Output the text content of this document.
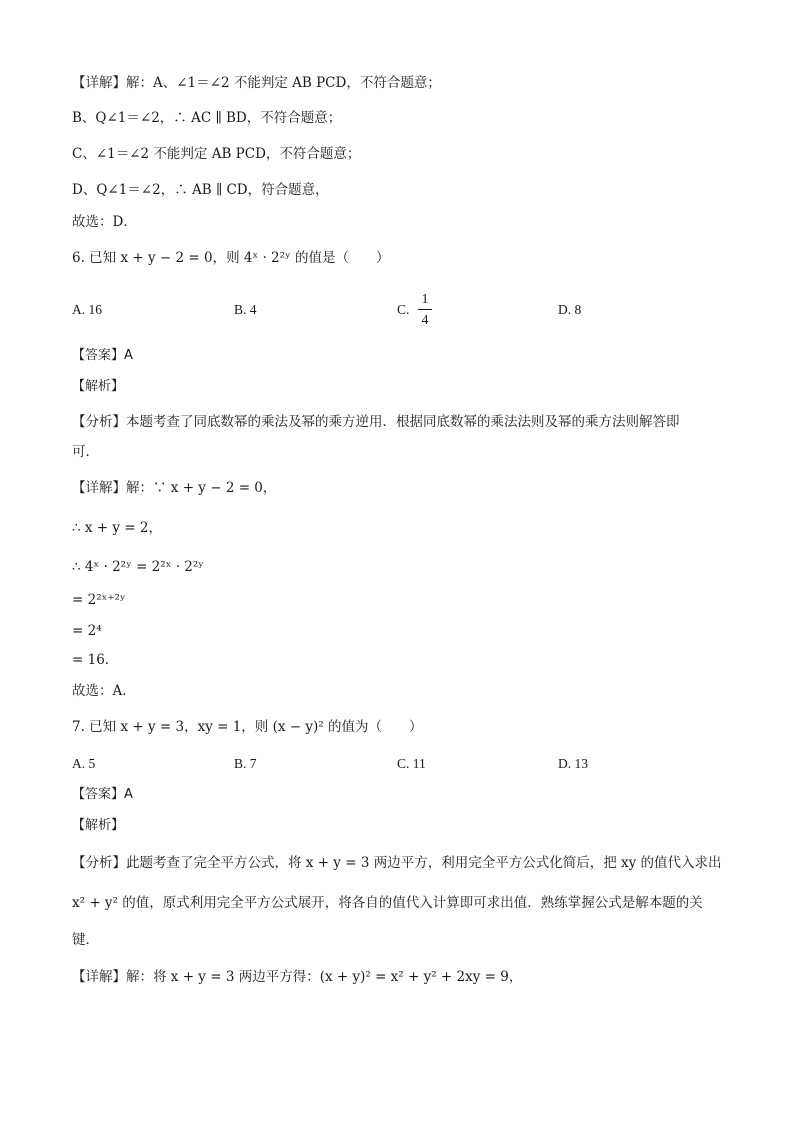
【详解】解：A、∠1＝∠2 不能判定 AB PCD，不符合题意；
B、Q∠1＝∠2，∴ AC ∥ BD，不符合题意；
C、∠1＝∠2 不能判定 AB PCD，不符合题意；
D、Q∠1＝∠2，∴ AB ∥ CD，符合题意，
故选：D．
6. 已知 x + y − 2 = 0，则 4ˣ · 2²ʸ 的值是（　　）
A. 16	B. 4	C.
1
4
D. 8
【答案】A
【解析】
【分析】本题考查了同底数幂的乘法及幂的乘方逆用．根据同底数幂的乘法法则及幂的乘方法则解答即
可．
【详解】解：∵ x + y − 2 = 0，
∴ x + y = 2，
∴ 4ˣ · 2²ʸ = 2²ˣ · 2²ʸ
= 2²ˣ⁺²ʸ
= 2⁴
= 16．
故选：A．
7. 已知 x + y = 3，xy = 1，则 (x − y)² 的值为（　　）
A. 5	B. 7	C. 11	D. 13
【答案】A
【解析】
【分析】此题考查了完全平方公式，将 x + y = 3 两边平方，利用完全平方公式化简后，把 xy 的值代入求出
x² + y² 的值，原式利用完全平方公式展开，将各自的值代入计算即可求出值．熟练掌握公式是解本题的关
键．
【详解】解：将 x + y = 3 两边平方得：(x + y)² = x² + y² + 2xy = 9，
